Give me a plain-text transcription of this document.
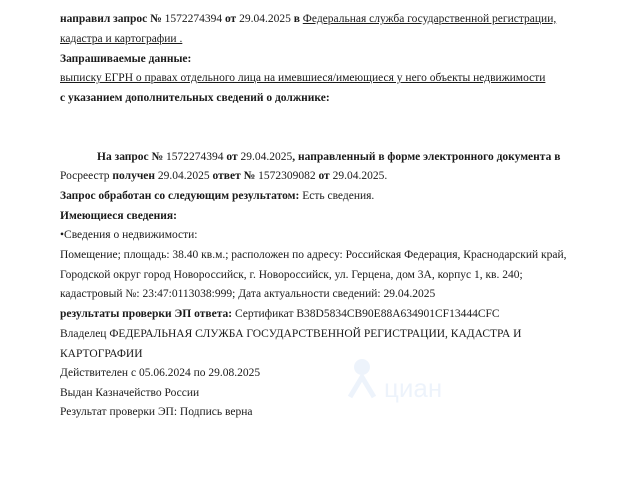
направил запрос № 1572274394 от 29.04.2025 в Федеральная служба государственной регистрации,
кадастра и картографии .
Запрашиваемые данные:
выписку ЕГРН о правах отдельного лица на имевшиеся/имеющиеся у него объекты недвижимости
с указанием дополнительных сведений о должнике:
На запрос № 1572274394 от 29.04.2025, направленный в форме электронного документа в
Росреестр получен 29.04.2025 ответ № 1572309082 от 29.04.2025.
Запрос обработан со следующим результатом: Есть сведения.
Имеющиеся сведения:
•Сведения о недвижимости:
Помещение; площадь: 38.40 кв.м.; расположен по адресу: Российская Федерация, Краснодарский край,
Городской округ город Новороссийск, г. Новороссийск, ул. Герцена, дом 3А, корпус 1, кв. 240;
кадастровый №: 23:47:0113038:999; Дата актуальности сведений: 29.04.2025
результаты проверки ЭП ответа: Сертификат B38D5834CB90E88A634901CF13444CFC
Владелец ФЕДЕРАЛЬНАЯ СЛУЖБА ГОСУДАРСТВЕННОЙ РЕГИСТРАЦИИ, КАДАСТРА И
КАРТОГРАФИИ
Действителен с 05.06.2024 по 29.08.2025
Выдан Казначейство России
Результат проверки ЭП: Подпись верна
циан
